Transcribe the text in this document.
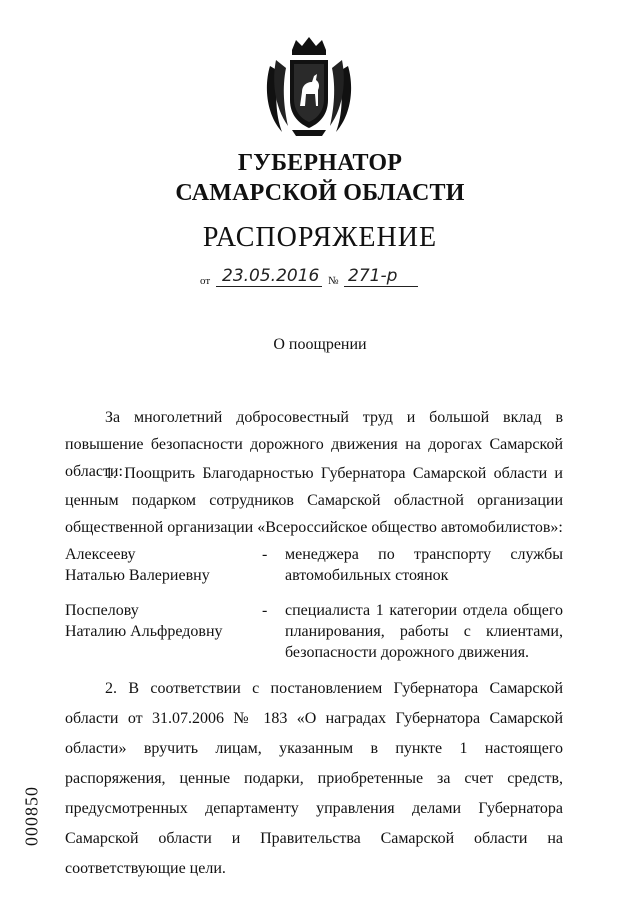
ГУБЕРНАТОР
САМАРСКОЙ ОБЛАСТИ
РАСПОРЯЖЕНИЕ
от 23.05.2016 № 271-р
О поощрении
За многолетний добросовестный труд и большой вклад в повышение безопасности дорожного движения на дорогах Самарской области:
1. Поощрить Благодарностью Губернатора Самарской области и ценным подарком сотрудников Самарской областной организации общественной организации «Всероссийское общество автомобилистов»:
Алексееву
Наталью Валериевну
- менеджера по транспорту службы автомобильных стоянок
Поспелову
Наталию Альфредовну
- специалиста 1 категории отдела общего планирования, работы с клиентами, безопасности дорожного движения.
2. В соответствии с постановлением Губернатора Самарской области от 31.07.2006 № 183 «О наградах Губернатора Самарской области» вручить лицам, указанным в пункте 1 настоящего распоряжения, ценные подарки, приобретенные за счет средств, предусмотренных департаменту управления делами Губернатора Самарской области и Правительства Самарской области на соответствующие цели.
000850
